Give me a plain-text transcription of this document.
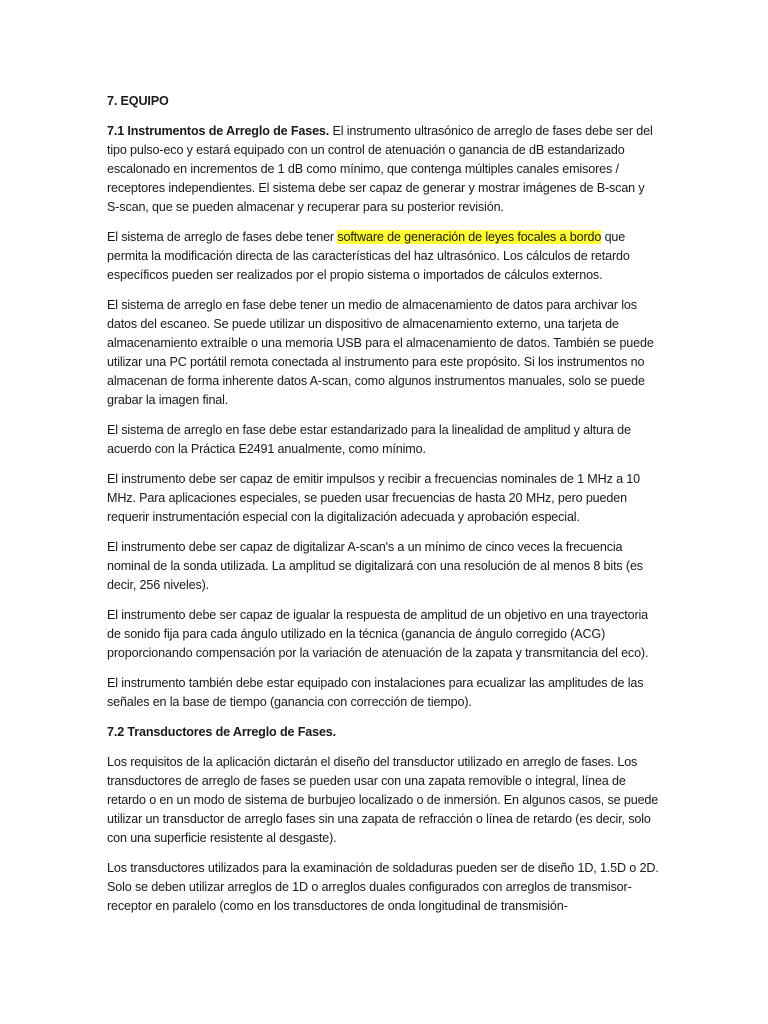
7. EQUIPO

7.1 Instrumentos de Arreglo de Fases. El instrumento ultrasónico de arreglo de fases debe ser del tipo pulso-eco y estará equipado con un control de atenuación o ganancia de dB estandarizado escalonado en incrementos de 1 dB como mínimo, que contenga múltiples canales emisores / receptores independientes. El sistema debe ser capaz de generar y mostrar imágenes de B-scan y S-scan, que se pueden almacenar y recuperar para su posterior revisión.

El sistema de arreglo de fases debe tener software de generación de leyes focales a bordo que permita la modificación directa de las características del haz ultrasónico. Los cálculos de retardo específicos pueden ser realizados por el propio sistema o importados de cálculos externos.

El sistema de arreglo en fase debe tener un medio de almacenamiento de datos para archivar los datos del escaneo. Se puede utilizar un dispositivo de almacenamiento externo, una tarjeta de almacenamiento extraíble o una memoria USB para el almacenamiento de datos. También se puede utilizar una PC portátil remota conectada al instrumento para este propósito. Si los instrumentos no almacenan de forma inherente datos A-scan, como algunos instrumentos manuales, solo se puede grabar la imagen final.

El sistema de arreglo en fase debe estar estandarizado para la linealidad de amplitud y altura de acuerdo con la Práctica E2491 anualmente, como mínimo.

El instrumento debe ser capaz de emitir impulsos y recibir a frecuencias nominales de 1 MHz a 10 MHz. Para aplicaciones especiales, se pueden usar frecuencias de hasta 20 MHz, pero pueden requerir instrumentación especial con la digitalización adecuada y aprobación especial.

El instrumento debe ser capaz de digitalizar A-scan's a un mínimo de cinco veces la frecuencia nominal de la sonda utilizada. La amplitud se digitalizará con una resolución de al menos 8 bits (es decir, 256 niveles).

El instrumento debe ser capaz de igualar la respuesta de amplitud de un objetivo en una trayectoria de sonido fija para cada ángulo utilizado en la técnica (ganancia de ángulo corregido (ACG) proporcionando compensación por la variación de atenuación de la zapata y transmitancia del eco).

El instrumento también debe estar equipado con instalaciones para ecualizar las amplitudes de las señales en la base de tiempo (ganancia con corrección de tiempo).

7.2 Transductores de Arreglo de Fases.

Los requisitos de la aplicación dictarán el diseño del transductor utilizado en arreglo de fases. Los transductores de arreglo de fases se pueden usar con una zapata removible o integral, línea de retardo o en un modo de sistema de burbujeo localizado o de inmersión. En algunos casos, se puede utilizar un transductor de arreglo fases sin una zapata de refracción o línea de retardo (es decir, solo con una superficie resistente al desgaste).

Los transductores utilizados para la examinación de soldaduras pueden ser de diseño 1D, 1.5D o 2D. Solo se deben utilizar arreglos de 1D o arreglos duales configurados con arreglos de transmisor-receptor en paralelo (como en los transductores de onda longitudinal de transmisión-
